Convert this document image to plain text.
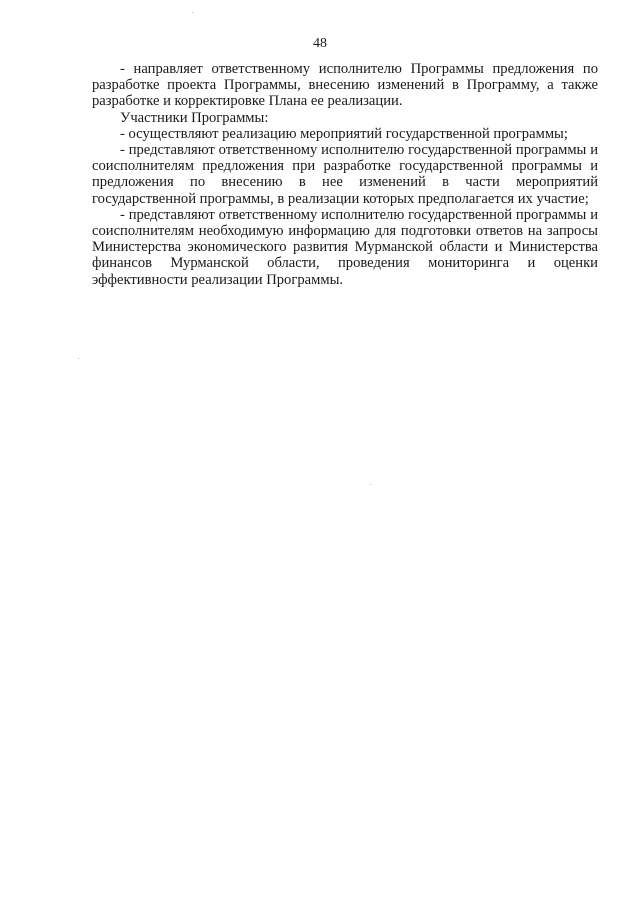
48

- направляет ответственному исполнителю Программы предложения по разработке проекта Программы, внесению изменений в Программу, а также разработке и корректировке Плана ее реализации.

Участники Программы:

- осуществляют реализацию мероприятий государственной программы;

- представляют ответственному исполнителю государственной программы и соисполнителям предложения при разработке государственной программы и предложения по внесению в нее изменений в части мероприятий государственной программы, в реализации которых предполагается их участие;

- представляют ответственному исполнителю государственной программы и соисполнителям необходимую информацию для подготовки ответов на запросы Министерства экономического развития Мурманской области и Министерства финансов Мурманской области, проведения мониторинга и оценки эффективности реализации Программы.
